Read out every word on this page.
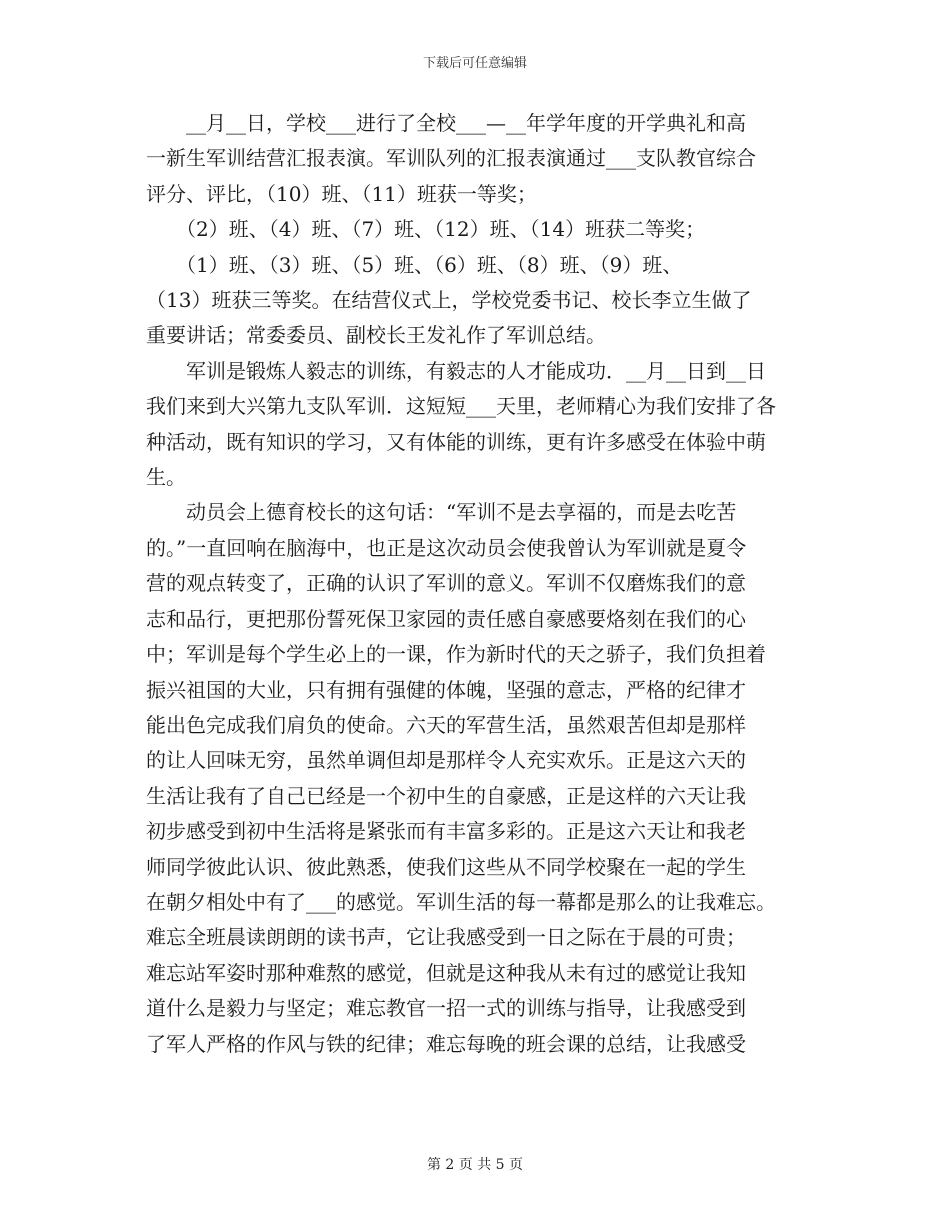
下载后可任意编辑

__月__日，学校___进行了全校___—__年学年度的开学典礼和高
一新生军训结营汇报表演。军训队列的汇报表演通过___支队教官综合
评分、评比，（10）班、（11）班获一等奖；

（2）班、（4）班、（7）班、（12）班、（14）班获二等奖；

（1）班、（3）班、（5）班、（6）班、（8）班、（9）班、
（13）班获三等奖。在结营仪式上，学校党委书记、校长李立生做了
重要讲话；常委委员、副校长王发礼作了军训总结。

军训是锻炼人毅志的训练，有毅志的人才能成功．__月__日到__日
我们来到大兴第九支队军训．这短短___天里，老师精心为我们安排了各
种活动，既有知识的学习，又有体能的训练，更有许多感受在体验中萌
生。

动员会上德育校长的这句话：“军训不是去享福的，而是去吃苦
的。”一直回响在脑海中，也正是这次动员会使我曾认为军训就是夏令
营的观点转变了，正确的认识了军训的意义。军训不仅磨炼我们的意
志和品行，更把那份誓死保卫家园的责任感自豪感要烙刻在我们的心
中；军训是每个学生必上的一课，作为新时代的天之骄子，我们负担着
振兴祖国的大业，只有拥有强健的体魄，坚强的意志，严格的纪律才
能出色完成我们肩负的使命。六天的军营生活，虽然艰苦但却是那样
的让人回味无穷，虽然单调但却是那样令人充实欢乐。正是这六天的
生活让我有了自己已经是一个初中生的自豪感，正是这样的六天让我
初步感受到初中生活将是紧张而有丰富多彩的。正是这六天让和我老
师同学彼此认识、彼此熟悉，使我们这些从不同学校聚在一起的学生
在朝夕相处中有了___的感觉。军训生活的每一幕都是那么的让我难忘。
难忘全班晨读朗朗的读书声，它让我感受到一日之际在于晨的可贵；
难忘站军姿时那种难熬的感觉，但就是这种我从未有过的感觉让我知
道什么是毅力与坚定；难忘教官一招一式的训练与指导，让我感受到
了军人严格的作风与铁的纪律；难忘每晚的班会课的总结，让我感受

第 2 页 共 5 页
